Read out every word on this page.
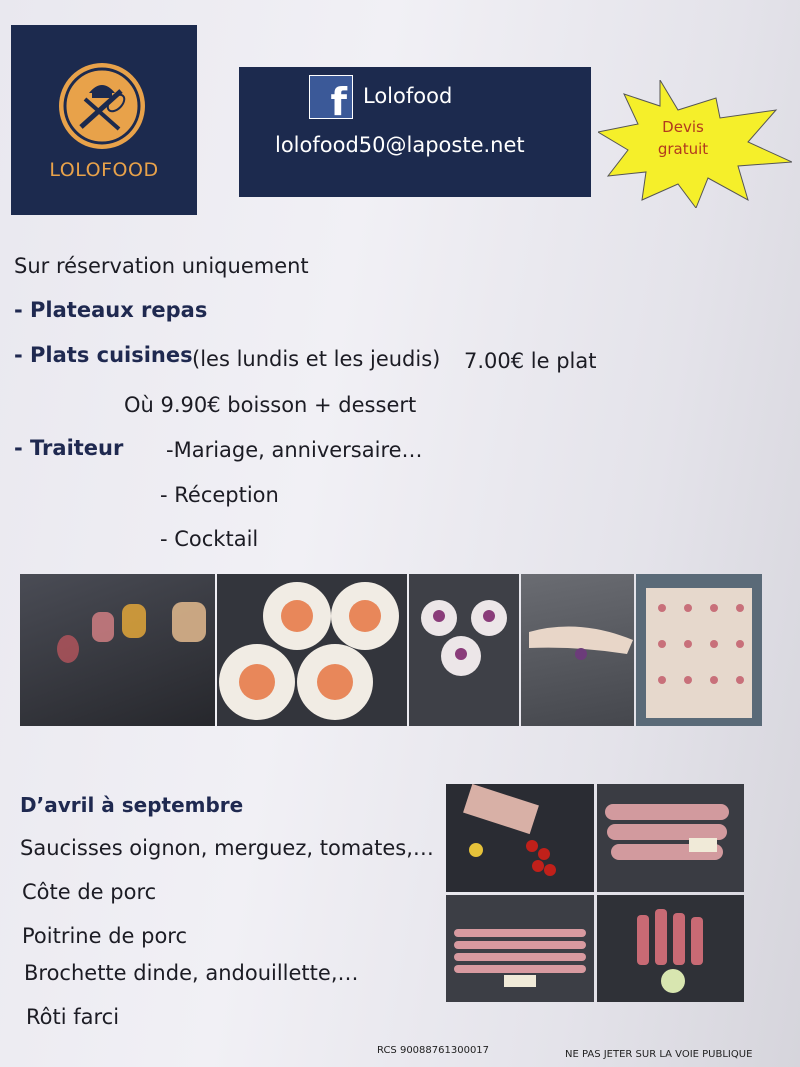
LOLOFOOD
f Lolofood
lolofood50@laposte.net
Devis
gratuit
Sur réservation uniquement
- Plateaux repas
- Plats cuisines (les lundis et les jeudis) 7.00€ le plat
Où 9.90€ boisson + dessert
- Traiteur -Mariage, anniversaire…
- Réception
- Cocktail
D’avril à septembre
Saucisses oignon, merguez, tomates,…
Côte de porc
Poitrine de porc
Brochette dinde, andouillette,…
Rôti farci
RCS 90088761300017	NE PAS JETER SUR LA VOIE PUBLIQUE
